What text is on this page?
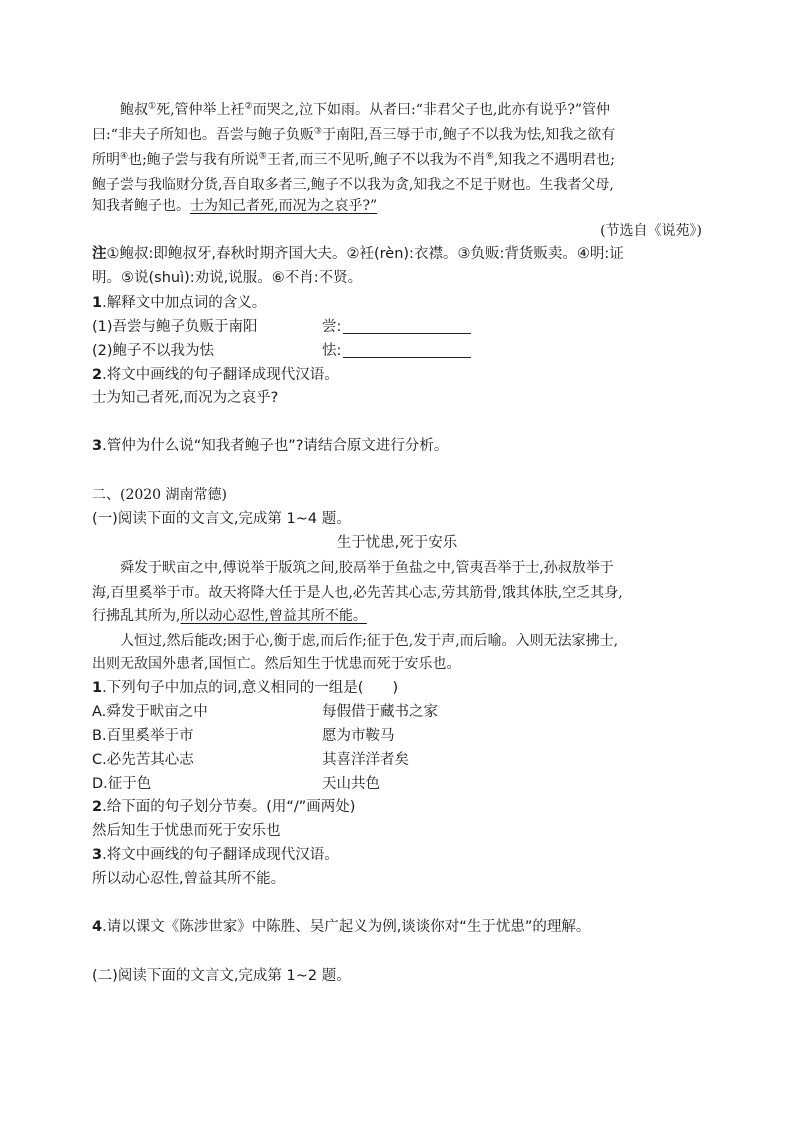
鲍叔①死,管仲举上衽②而哭之,泣下如雨。从者曰:“非君父子也,此亦有说乎?”管仲
曰:“非夫子所知也。吾尝与鲍子负贩③于南阳,吾三辱于市,鲍子不以我为怯,知我之欲有
所明④也;鲍子尝与我有所说⑤王者,而三不见听,鲍子不以我为不肖⑥,知我之不遇明君也;
鲍子尝与我临财分货,吾自取多者三,鲍子不以我为贪,知我之不足于财也。生我者父母,
知我者鲍子也。士为知己者死,而况为之哀乎?”
(节选自《说苑》)
注①鲍叔:即鲍叔牙,春秋时期齐国大夫。②衽(rèn):衣襟。③负贩:背货贩卖。④明:证
明。⑤说(shuì):劝说,说服。⑥不肖:不贤。
1.解释文中加点词的含义。
(1)吾尝与鲍子负贩于南阳	尝:
(2)鲍子不以我为怯	怯:
2.将文中画线的句子翻译成现代汉语。
士为知己者死,而况为之哀乎?
3.管仲为什么说“知我者鲍子也”?请结合原文进行分析。
二、(2020 湖南常德)
(一)阅读下面的文言文,完成第 1~4 题。
生于忧患,死于安乐
舜发于畎亩之中,傅说举于版筑之间,胶鬲举于鱼盐之中,管夷吾举于士,孙叔敖举于
海,百里奚举于市。故天将降大任于是人也,必先苦其心志,劳其筋骨,饿其体肤,空乏其身,
行拂乱其所为,所以动心忍性,曾益其所不能。
人恒过,然后能改;困于心,衡于虑,而后作;征于色,发于声,而后喻。入则无法家拂士,
出则无敌国外患者,国恒亡。然后知生于忧患而死于安乐也。
1.下列句子中加点的词,意义相同的一组是(　　)
A.舜发于畎亩之中	每假借于藏书之家
B.百里奚举于市	愿为市鞍马
C.必先苦其心志	其喜洋洋者矣
D.征于色	天山共色
2.给下面的句子划分节奏。(用“/”画两处)
然后知生于忧患而死于安乐也
3.将文中画线的句子翻译成现代汉语。
所以动心忍性,曾益其所不能。
4.请以课文《陈涉世家》中陈胜、吴广起义为例,谈谈你对“生于忧患”的理解。
(二)阅读下面的文言文,完成第 1~2 题。
